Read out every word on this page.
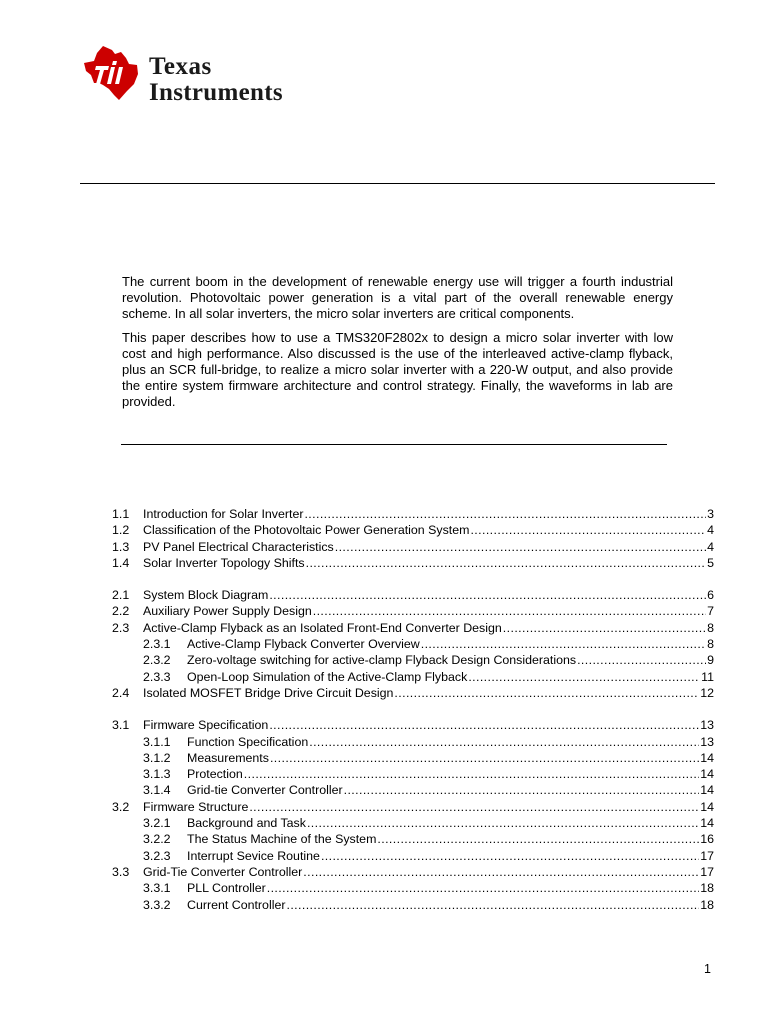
Texas
Instruments

The current boom in the development of renewable energy use will trigger a fourth industrial revolution. Photovoltaic power generation is a vital part of the overall renewable energy scheme. In all solar inverters, the micro solar inverters are critical components.

This paper describes how to use a TMS320F2802x to design a micro solar inverter with low cost and high performance. Also discussed is the use of the interleaved active-clamp flyback, plus an SCR full-bridge, to realize a micro solar inverter with a 220-W output, and also provide the entire system firmware architecture and control strategy. Finally, the waveforms in lab are provided.

1.1	Introduction for Solar Inverter .....	3
1.2	Classification of the Photovoltaic Power Generation System .....	4
1.3	PV Panel Electrical Characteristics .....	4
1.4	Solar Inverter Topology Shifts .....	5
2.1	System Block Diagram .....	6
2.2	Auxiliary Power Supply Design .....	7
2.3	Active-Clamp Flyback as an Isolated Front-End Converter Design .....	8
2.3.1	Active-Clamp Flyback Converter Overview .....	8
2.3.2	Zero-voltage switching for active-clamp Flyback Design Considerations .....	9
2.3.3	Open-Loop Simulation of the Active-Clamp Flyback .....	11
2.4	Isolated MOSFET Bridge Drive Circuit Design .....	12
3.1	Firmware Specification .....	13
3.1.1	Function Specification .....	13
3.1.2	Measurements .....	14
3.1.3	Protection .....	14
3.1.4	Grid-tie Converter Controller .....	14
3.2	Firmware Structure .....	14
3.2.1	Background and Task .....	14
3.2.2	The Status Machine of the System .....	16
3.2.3	Interrupt Sevice Routine .....	17
3.3	Grid-Tie Converter Controller .....	17
3.3.1	PLL Controller .....	18
3.3.2	Current Controller .....	18
1
